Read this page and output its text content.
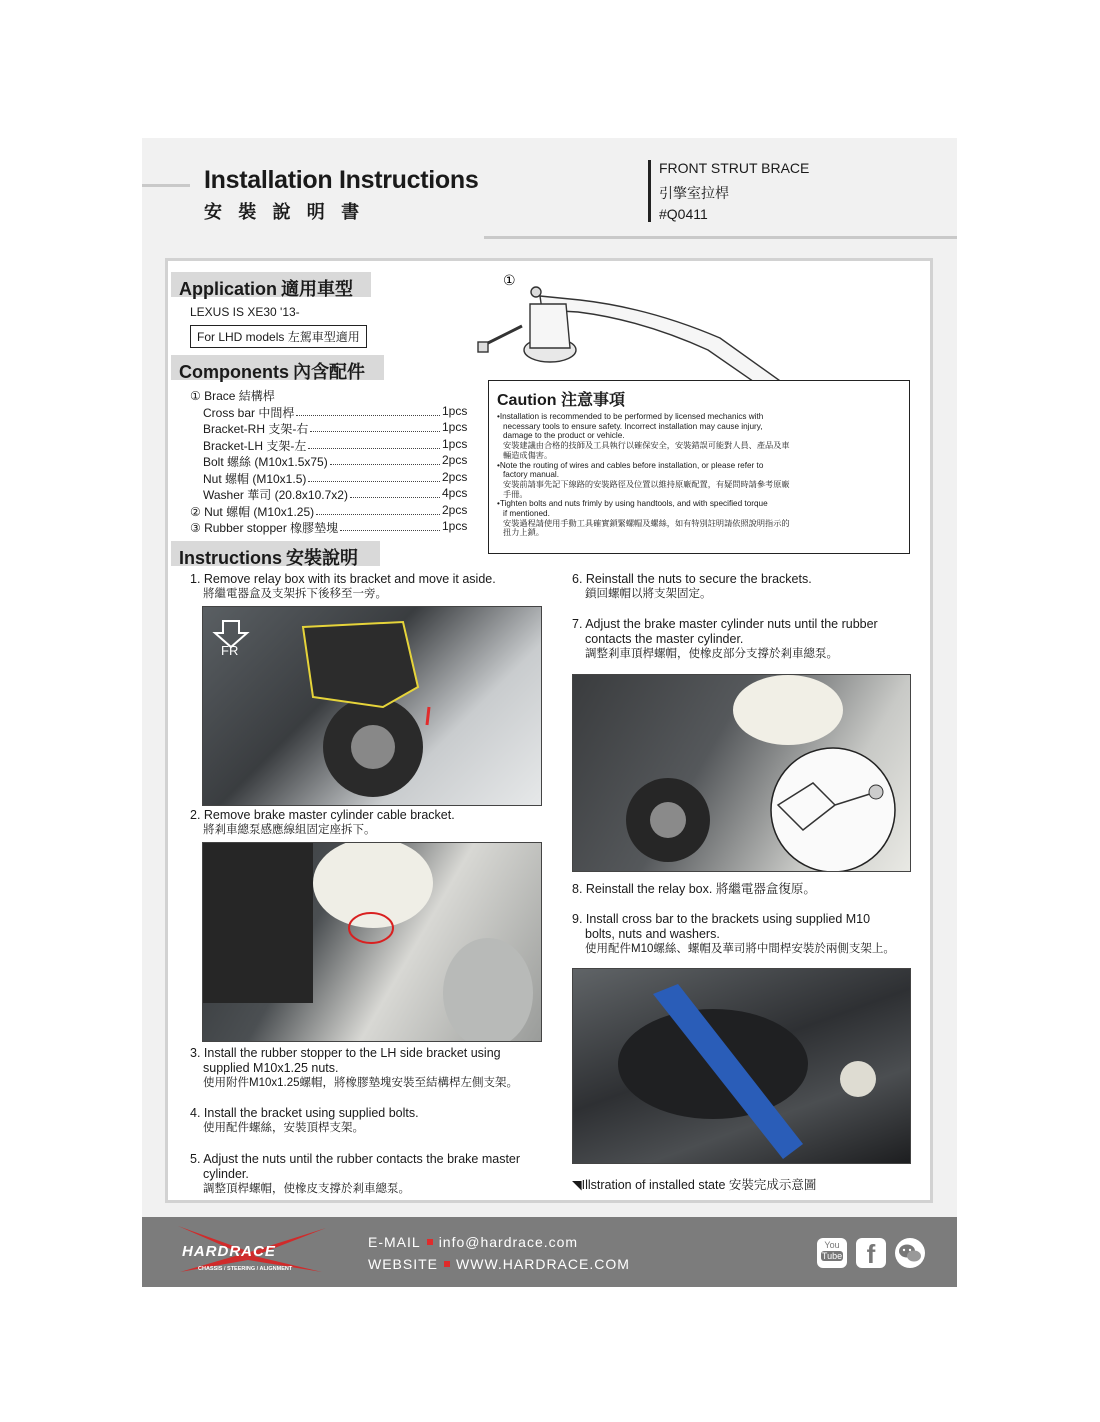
Installation Instructions
安 裝 說 明 書
FRONT STRUT BRACE
引擎室拉桿
#Q0411
Application 適用車型
LEXUS IS XE30 '13-
For LHD models 左駕車型適用
Components 內含配件
① Brace 結構桿
Cross bar 中間桿	1pcs
Bracket-RH 支架-右	1pcs
Bracket-LH 支架-左	1pcs
Bolt 螺絲 (M10x1.5x75)	2pcs
Nut 螺帽 (M10x1.5)	2pcs
Washer 華司 (20.8x10.7x2)	4pcs
② Nut 螺帽 (M10x1.25)	2pcs
③ Rubber stopper 橡膠墊塊	1pcs
Instructions 安裝說明
①
Caution 注意事項
•Installation is recommended to be performed by licensed mechanics with
necessary tools to ensure safety. Incorrect installation may cause injury,
damage to the product or vehicle.
安裝建議由合格的技師及工具執行以確保安全，安裝錯誤可能對人員、產品及車
輛造成傷害。
•Note the routing of wires and cables before installation, or please refer to
factory manual.
安裝前請事先記下線路的安裝路徑及位置以維持原廠配置，有疑問時請參考原廠
手冊。
•Tighten bolts and nuts frimly by using handtools, and with specified torque
if mentioned.
安裝過程請使用手動工具確實鎖緊螺帽及螺絲，如有特別註明請依照說明指示的
扭力上鎖。
1. Remove relay box with its bracket and move it aside.
將繼電器盒及支架拆下後移至一旁。
FR
2. Remove brake master cylinder cable bracket.
將剎車總泵感應線組固定座拆下。
3. Install the rubber stopper to the LH side bracket using
supplied M10x1.25 nuts.
使用附件M10x1.25螺帽，將橡膠墊塊安裝至結構桿左側支架。
4. Install the bracket using supplied bolts.
使用配件螺絲，安裝頂桿支架。
5. Adjust the nuts until the rubber contacts the brake master
cylinder.
調整頂桿螺帽，使橡皮支撐於剎車總泵。
6. Reinstall the nuts to secure the brackets.
鎖回螺帽以將支架固定。
7. Adjust the brake master cylinder nuts until the rubber
contacts the master cylinder.
調整剎車頂桿螺帽，使橡皮部分支撐於剎車總泵。
8. Reinstall the relay box. 將繼電器盒復原。
9. Install cross bar to the brackets using supplied M10
bolts, nuts and washers.
使用配件M10螺絲、螺帽及華司將中間桿安裝於兩側支架上。
◥Illstration of installed state 安裝完成示意圖
HARDRACE
CHASSIS / STEERING / ALIGNMENT
E-MAIL info@hardrace.com
WEBSITE WWW.HARDRACE.COM
You
Tube f
